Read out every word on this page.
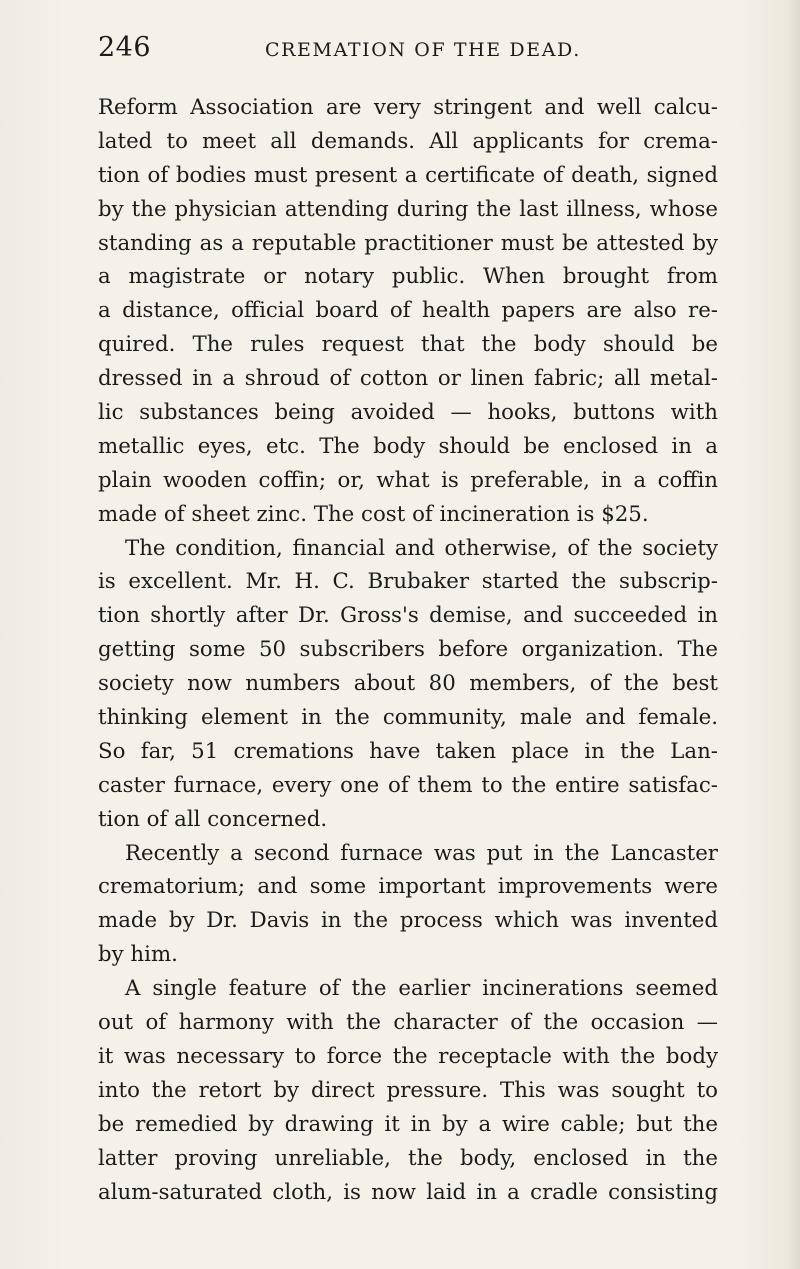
246	CREMATION OF THE DEAD.
Reform Association are very stringent and well calcu-
lated to meet all demands. All applicants for crema-
tion of bodies must present a certificate of death, signed
by the physician attending during the last illness, whose
standing as a reputable practitioner must be attested by
a magistrate or notary public. When brought from
a distance, official board of health papers are also re-
quired. The rules request that the body should be
dressed in a shroud of cotton or linen fabric; all metal-
lic substances being avoided — hooks, buttons with
metallic eyes, etc. The body should be enclosed in a
plain wooden coffin; or, what is preferable, in a coffin
made of sheet zinc. The cost of incineration is $25.
The condition, financial and otherwise, of the society
is excellent. Mr. H. C. Brubaker started the subscrip-
tion shortly after Dr. Gross's demise, and succeeded in
getting some 50 subscribers before organization. The
society now numbers about 80 members, of the best
thinking element in the community, male and female.
So far, 51 cremations have taken place in the Lan-
caster furnace, every one of them to the entire satisfac-
tion of all concerned.
Recently a second furnace was put in the Lancaster
crematorium; and some important improvements were
made by Dr. Davis in the process which was invented
by him.
A single feature of the earlier incinerations seemed
out of harmony with the character of the occasion —
it was necessary to force the receptacle with the body
into the retort by direct pressure. This was sought to
be remedied by drawing it in by a wire cable; but the
latter proving unreliable, the body, enclosed in the
alum-saturated cloth, is now laid in a cradle consisting
